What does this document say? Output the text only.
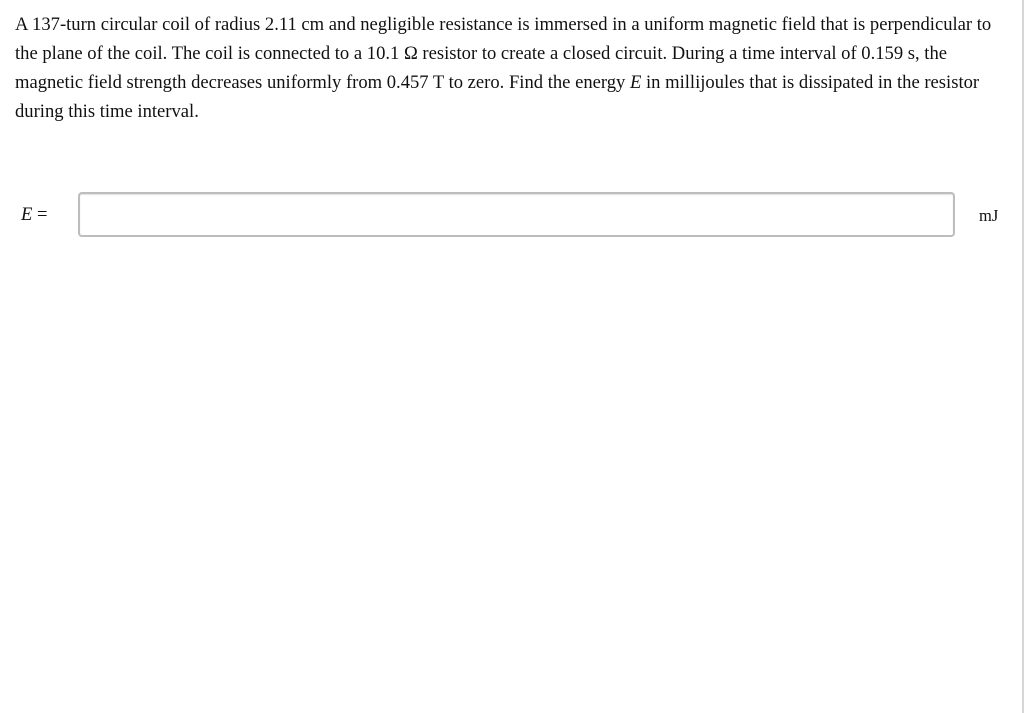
A 137-turn circular coil of radius 2.11 cm and negligible resistance is immersed in a uniform magnetic field that is perpendicular to the plane of the coil. The coil is connected to a 10.1 Ω resistor to create a closed circuit. During a time interval of 0.159 s, the magnetic field strength decreases uniformly from 0.457 T to zero. Find the energy E in millijoules that is dissipated in the resistor during this time interval.

E =	mJ
